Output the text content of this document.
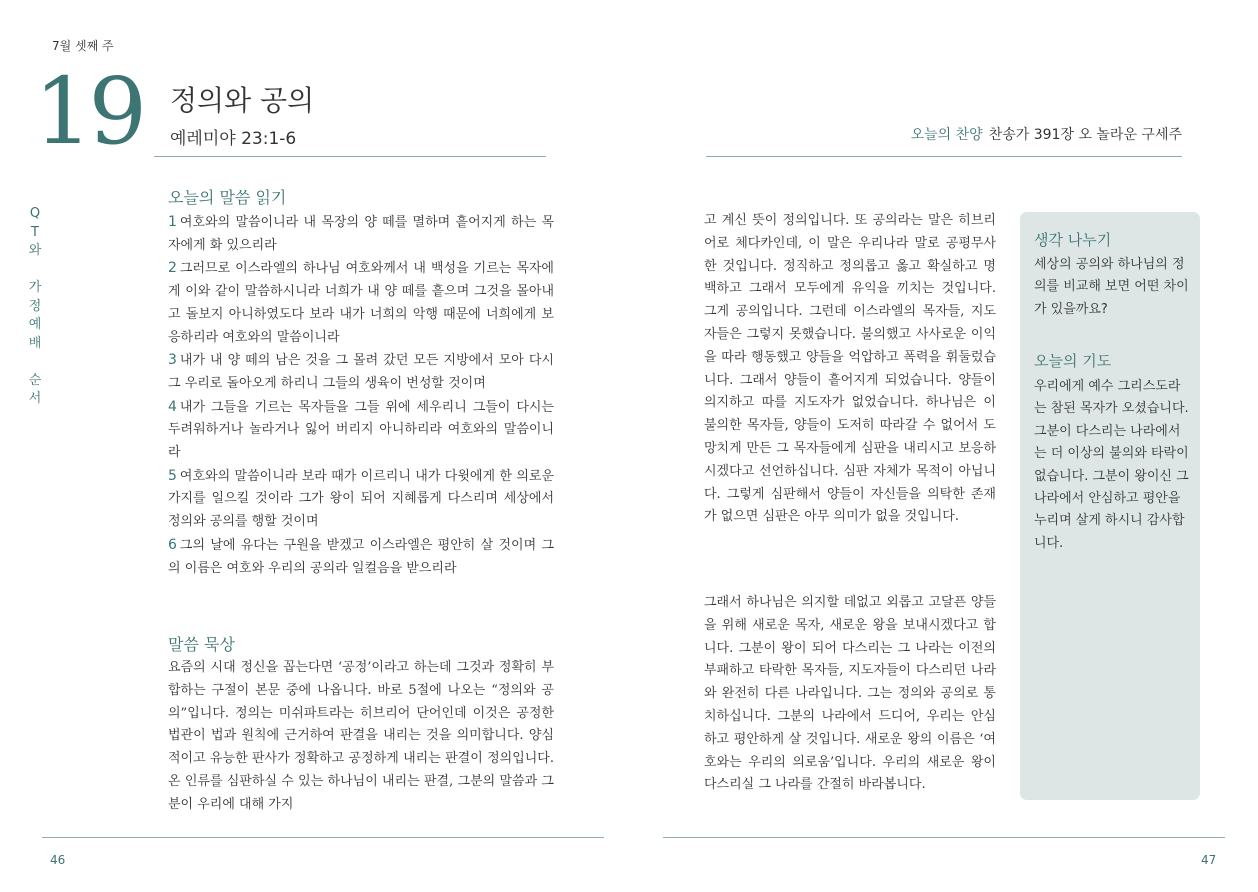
7월 셋째 주
19 정의와 공의
예레미야 23:1-6	오늘의 찬양 찬송가 391장 오 놀라운 구세주
Q
T
와
가
정
예
배
순
서
오늘의 말씀 읽기

1 여호와의 말씀이니라 내 목장의 양 떼를 멸하며 흩어지게 하는 목자에게 화 있으리라

2 그러므로 이스라엘의 하나님 여호와께서 내 백성을 기르는 목자에게 이와 같이 말씀하시니라 너희가 내 양 떼를 흩으며 그것을 몰아내고 돌보지 아니하였도다 보라 내가 너희의 악행 때문에 너희에게 보응하리라 여호와의 말씀이니라

3 내가 내 양 떼의 남은 것을 그 몰려 갔던 모든 지방에서 모아 다시 그 우리로 돌아오게 하리니 그들의 생육이 번성할 것이며

4 내가 그들을 기르는 목자들을 그들 위에 세우리니 그들이 다시는 두려워하거나 놀라거나 잃어 버리지 아니하리라 여호와의 말씀이니라

5 여호와의 말씀이니라 보라 때가 이르리니 내가 다윗에게 한 의로운 가지를 일으킬 것이라 그가 왕이 되어 지혜롭게 다스리며 세상에서 정의와 공의를 행할 것이며

6 그의 날에 유다는 구원을 받겠고 이스라엘은 평안히 살 것이며 그의 이름은 여호와 우리의 공의라 일컬음을 받으리라

말씀 묵상

요즘의 시대 정신을 꼽는다면 ‘공정’이라고 하는데 그것과 정확히 부합하는 구절이 본문 중에 나옵니다. 바로 5절에 나오는 “정의와 공의”입니다. 정의는 미쉬파트라는 히브리어 단어인데 이것은 공정한 법관이 법과 원칙에 근거하여 판결을 내리는 것을 의미합니다. 양심적이고 유능한 판사가 정확하고 공정하게 내리는 판결이 정의입니다. 온 인류를 심판하실 수 있는 하나님이 내리는 판결, 그분의 말씀과 그분이 우리에 대해 가지

고 계신 뜻이 정의입니다. 또 공의라는 말은 히브리어로 체다카인데, 이 말은 우리나라 말로 공평무사한 것입니다. 정직하고 정의롭고 옳고 확실하고 명백하고 그래서 모두에게 유익을 끼치는 것입니다. 그게 공의입니다. 그런데 이스라엘의 목자들, 지도자들은 그렇지 못했습니다. 불의했고 사사로운 이익을 따라 행동했고 양들을 억압하고 폭력을 휘둘렀습니다. 그래서 양들이 흩어지게 되었습니다. 양들이 의지하고 따를 지도자가 없었습니다. 하나님은 이 불의한 목자들, 양들이 도저히 따라갈 수 없어서 도망치게 만든 그 목자들에게 심판을 내리시고 보응하시겠다고 선언하십니다. 심판 자체가 목적이 아닙니다. 그렇게 심판해서 양들이 자신들을 의탁한 존재가 없으면 심판은 아무 의미가 없을 것입니다.

그래서 하나님은 의지할 데없고 외롭고 고달픈 양들을 위해 새로운 목자, 새로운 왕을 보내시겠다고 합니다. 그분이 왕이 되어 다스리는 그 나라는 이전의 부패하고 타락한 목자들, 지도자들이 다스리던 나라와 완전히 다른 나라입니다. 그는 정의와 공의로 통치하십니다. 그분의 나라에서 드디어, 우리는 안심하고 평안하게 살 것입니다. 새로운 왕의 이름은 ‘여호와는 우리의 의로움’입니다. 우리의 새로운 왕이 다스리실 그 나라를 간절히 바라봅니다.

생각 나누기

세상의 공의와 하나님의 정의를 비교해 보면 어떤 차이가 있을까요?

오늘의 기도

우리에게 예수 그리스도라는 참된 목자가 오셨습니다. 그분이 다스리는 나라에서는 더 이상의 불의와 타락이 없습니다. 그분이 왕이신 그 나라에서 안심하고 평안을 누리며 살게 하시니 감사합니다.

46	47
